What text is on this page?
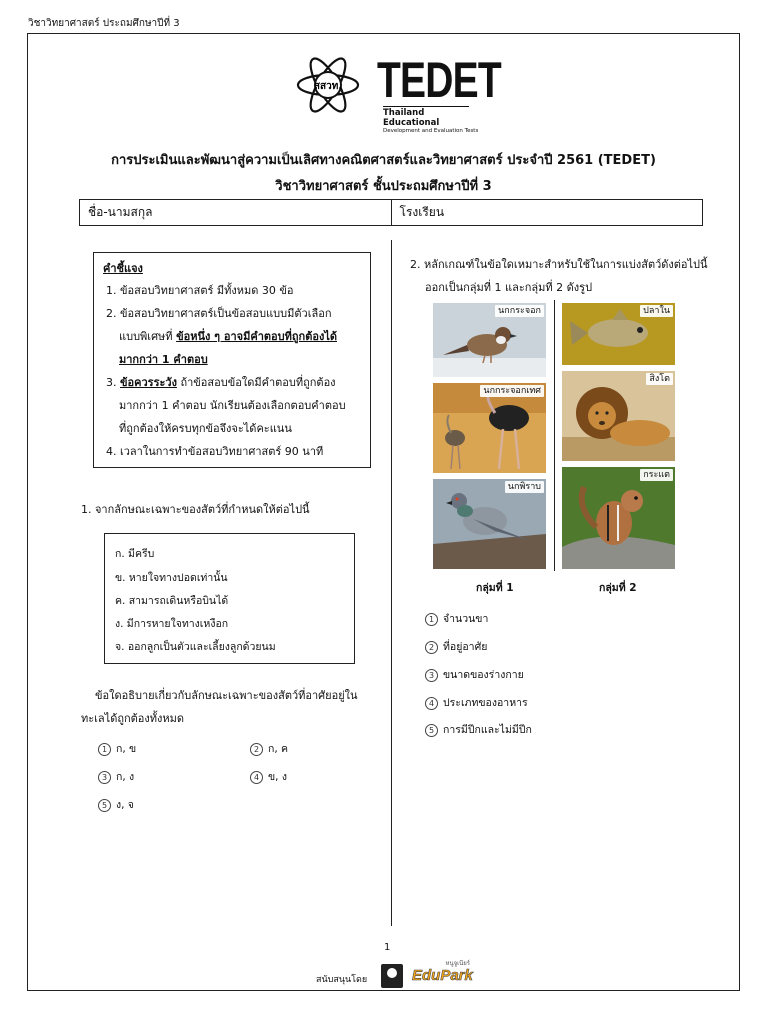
วิชาวิทยาศาสตร์ ประถมศึกษาปีที่ 3
สสวท. TEDET
Thailand Educational
Development and Evaluation Tests
การประเมินและพัฒนาสู่ความเป็นเลิศทางคณิตศาสตร์และวิทยาศาสตร์ ประจำปี 2561 (TEDET)
วิชาวิทยาศาสตร์ ชั้นประถมศึกษาปีที่ 3
ชื่อ-นามสกุล	โรงเรียน
คำชี้แจง
1. ข้อสอบวิทยาศาสตร์ มีทั้งหมด 30 ข้อ
2. ข้อสอบวิทยาศาสตร์เป็นข้อสอบแบบมีตัวเลือก
แบบพิเศษที่ ข้อหนึ่ง ๆ อาจมีคำตอบที่ถูกต้องได้
มากกว่า 1 คำตอบ
3. ข้อควรระวัง ถ้าข้อสอบข้อใดมีคำตอบที่ถูกต้อง
มากกว่า 1 คำตอบ นักเรียนต้องเลือกตอบคำตอบ
ที่ถูกต้องให้ครบทุกข้อจึงจะได้คะแนน
4. เวลาในการทำข้อสอบวิทยาศาสตร์ 90 นาที
1. จากลักษณะเฉพาะของสัตว์ที่กำหนดให้ต่อไปนี้
ก. มีครีบ
ข. หายใจทางปอดเท่านั้น
ค. สามารถเดินหรือบินได้
ง. มีการหายใจทางเหงือก
จ. ออกลูกเป็นตัวและเลี้ยงลูกด้วยนม
ข้อใดอธิบายเกี่ยวกับลักษณะเฉพาะของสัตว์ที่อาศัยอยู่ใน
ทะเลได้ถูกต้องทั้งหมด
1 ก, ข	2 ก, ค
3 ก, ง	4 ข, ง
5 ง, จ
2. หลักเกณฑ์ในข้อใดเหมาะสำหรับใช้ในการแบ่งสัตว์ดังต่อไปนี้
ออกเป็นกลุ่มที่ 1 และกลุ่มที่ 2 ดังรูป
นกกระจอก
นกกระจอกเทศ
นกพิราบ
ปลาใน
สิงโต
กระแต
กลุ่มที่ 1	กลุ่มที่ 2
1 จำนวนขา
2 ที่อยู่อาศัย
3 ขนาดของร่างกาย
4 ประเภทของอาหาร
5 การมีปีกและไม่มีปีก
1
สนับสนุนโดย
หนูจูเนียร์
EduPark
